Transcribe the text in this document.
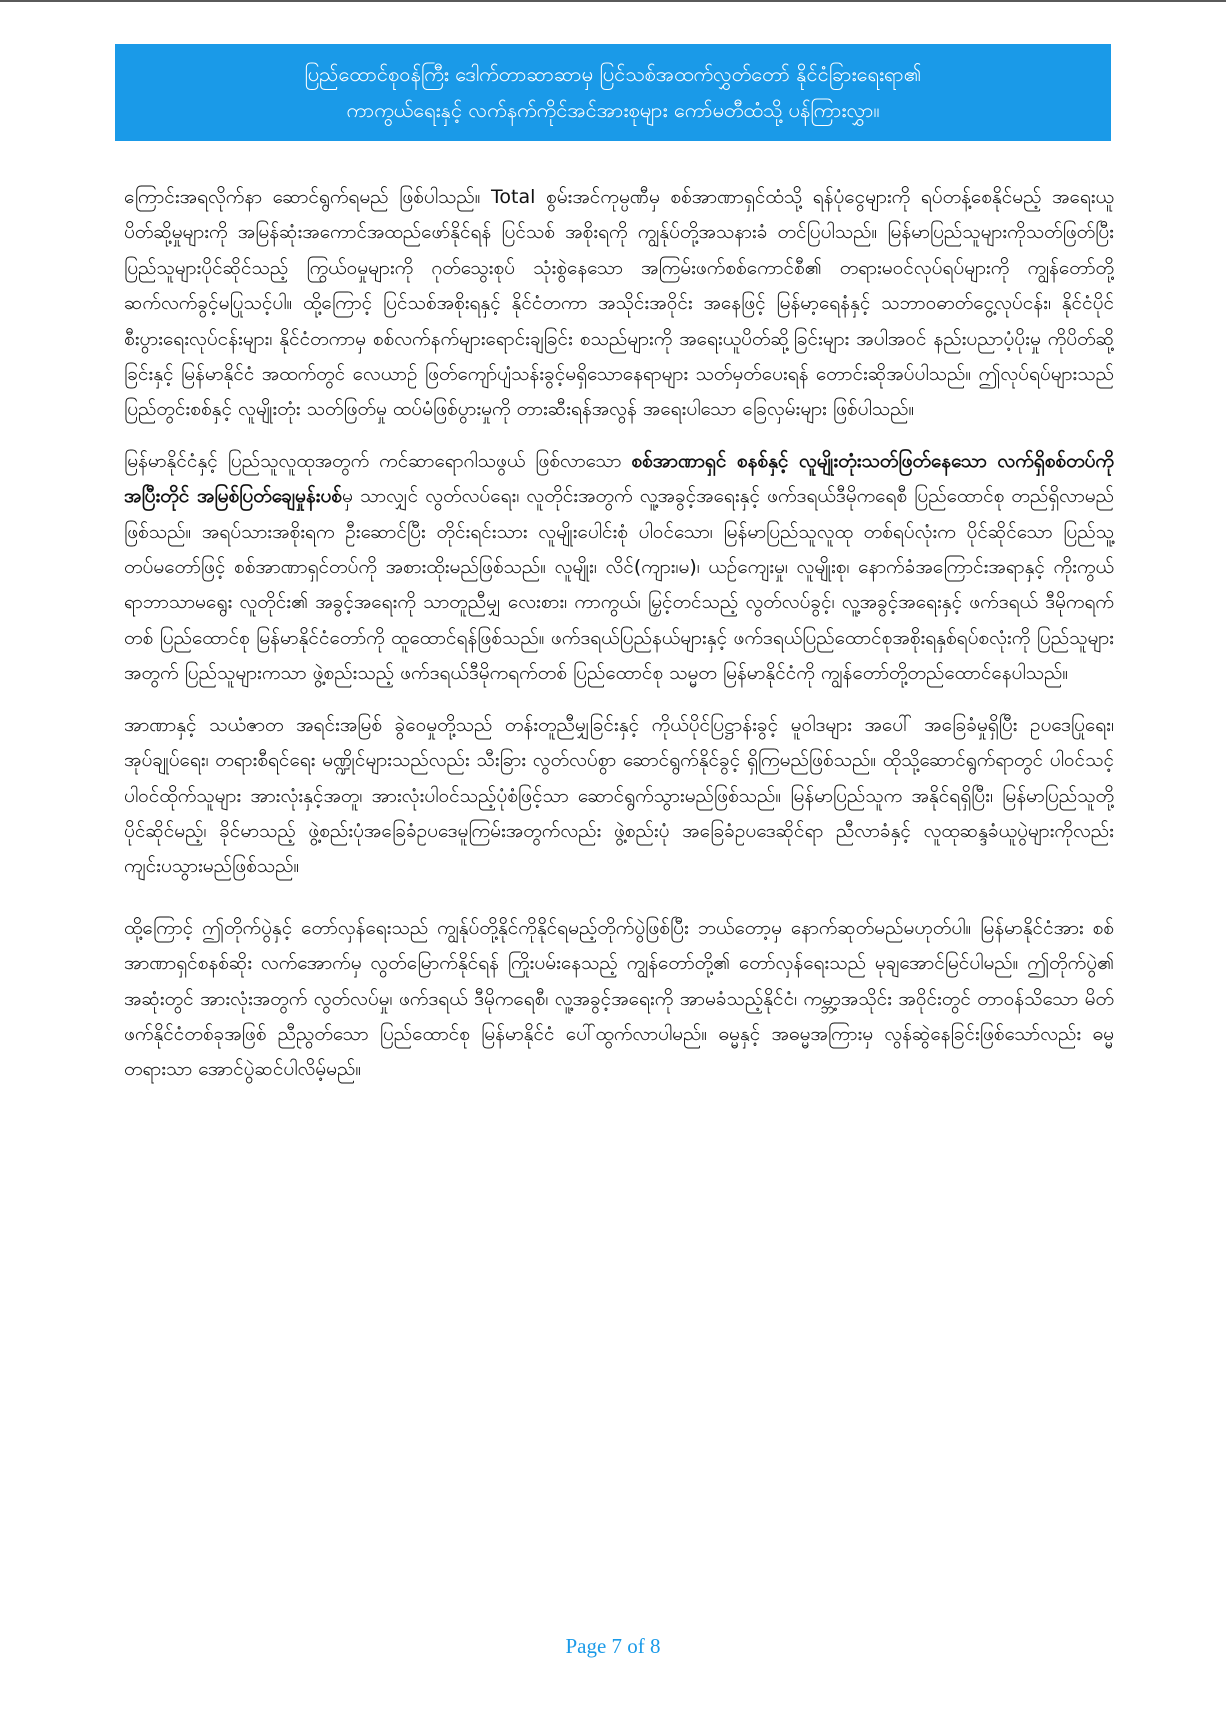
ပြည်ထောင်စုဝန်ကြီး ဒေါက်တာဆာဆာမှ ပြင်သစ်အထက်လွှတ်တော် နိုင်ငံခြားရေးရာ၏
ကာကွယ်ရေးနှင့် လက်နက်ကိုင်အင်အားစုများ ကော်မတီထံသို့ ပန်ကြားလွှာ။

ကြောင်းအရလိုက်နာ ဆောင်ရွက်ရမည် ဖြစ်ပါသည်။ Total စွမ်းအင်ကုမ္ပဏီမှ စစ်အာဏာရှင်ထံသို့ ရန်ပုံငွေများကို ရပ်တန့်စေနိုင်မည့် အရေးယူပိတ်ဆို့မှုများကို အမြန်ဆုံးအကောင်အထည်ဖော်နိုင်ရန် ပြင်သစ် အစိုးရကို ကျွန်ုပ်တို့အသနားခံ တင်ပြပါသည်။ မြန်မာပြည်သူများကိုသတ်ဖြတ်ပြီး ပြည်သူများပိုင်ဆိုင်သည့် ကြွယ်ဝမှုများကို ဂုတ်သွေးစုပ် သုံးစွဲနေသော အကြမ်းဖက်စစ်ကောင်စီ၏ တရားမဝင်လုပ်ရပ်များကို ကျွန်တော်တို့ ဆက်လက်ခွင့်မပြုသင့်ပါ။ ထို့ကြောင့် ပြင်သစ်အစိုးရနှင့် နိုင်ငံတကာ အသိုင်းအဝိုင်း အနေဖြင့် မြန်မာ့ရေနံနှင့် သဘာဝဓာတ်ငွေ့လုပ်ငန်း၊ နိုင်ငံပိုင်စီးပွားရေးလုပ်ငန်းများ၊ နိုင်ငံတကာမှ စစ်လက်နက်များရောင်းချခြင်း စသည်များကို အရေးယူပိတ်ဆို့ခြင်းများ အပါအဝင် နည်းပညာပံ့ပိုးမှု ကိုပိတ်ဆို့ခြင်းနှင့် မြန်မာနိုင်ငံ အထက်တွင် လေယာဉ် ဖြတ်ကျော်ပျံသန်းခွင့်မရှိသောနေရာများ သတ်မှတ်ပေးရန် တောင်းဆိုအပ်ပါသည်။ ဤလုပ်ရပ်များသည် ပြည်တွင်းစစ်နှင့် လူမျိုးတုံး သတ်ဖြတ်မှု ထပ်မံဖြစ်ပွားမှုကို တားဆီးရန်အလွန် အရေးပါသော ခြေလှမ်းများ ဖြစ်ပါသည်။

မြန်မာနိုင်ငံနှင့် ပြည်သူလူထုအတွက် ကင်ဆာရောဂါသဖွယ် ဖြစ်လာသော စစ်အာဏာရှင် စနစ်နှင့် လူမျိုးတုံးသတ်ဖြတ်နေသော လက်ရှိစစ်တပ်ကို အပြီးတိုင် အမြစ်ပြတ်ချေမှုန်းပစ်မှ သာလျှင် လွတ်လပ်ရေး၊ လူတိုင်းအတွက် လူ့အခွင့်အရေးနှင့် ဖက်ဒရယ်ဒီမိုကရေစီ ပြည်ထောင်စု တည်ရှိလာမည် ဖြစ်သည်။ အရပ်သားအစိုးရက ဦးဆောင်ပြီး တိုင်းရင်းသား လူမျိုးပေါင်းစုံ ပါဝင်သော၊ မြန်မာပြည်သူလူထု တစ်ရပ်လုံးက ပိုင်ဆိုင်သော ပြည်သူ့တပ်မတော်ဖြင့် စစ်အာဏာရှင်တပ်ကို အစားထိုးမည်ဖြစ်သည်။ လူမျိုး၊ လိင်(ကျား၊မ)၊ ယဉ်ကျေးမှု၊ လူမျိုးစု၊ နောက်ခံအကြောင်းအရာနှင့် ကိုးကွယ်ရာဘာသာမရွေး လူတိုင်း၏ အခွင့်အရေးကို သာတူညီမျှ လေးစား၊ ကာကွယ်၊ မြှင့်တင်သည့် လွတ်လပ်ခွင့်၊ လူ့အခွင့်အရေးနှင့် ဖက်ဒရယ် ဒီမိုကရက်တစ် ပြည်ထောင်စု မြန်မာနိုင်ငံတော်ကို ထူထောင်ရန်ဖြစ်သည်။ ဖက်ဒရယ်ပြည်နယ်များနှင့် ဖက်ဒရယ်ပြည်ထောင်စုအစိုးရနှစ်ရပ်စလုံးကို ပြည်သူများအတွက် ပြည်သူများကသာ ဖွဲ့စည်းသည့် ဖက်ဒရယ်ဒီမိုကရက်တစ် ပြည်ထောင်စု သမ္မတ မြန်မာနိုင်ငံကို ကျွန်တော်တို့တည်ထောင်နေပါသည်။

အာဏာနှင့် သယံဇာတ အရင်းအမြစ် ခွဲဝေမှုတို့သည် တန်းတူညီမျှခြင်းနှင့် ကိုယ်ပိုင်ပြဋ္ဌာန်းခွင့် မူဝါဒများ အပေါ် အခြေခံမှုရှိပြီး ဥပဒေပြုရေး၊ အုပ်ချုပ်ရေး၊ တရားစီရင်ရေး မဏ္ဍိုင်များသည်လည်း သီးခြား လွတ်လပ်စွာ ဆောင်ရွက်နိုင်ခွင့် ရှိကြမည်ဖြစ်သည်။ ထိုသို့ဆောင်ရွက်ရာတွင် ပါဝင်သင့် ပါဝင်ထိုက်သူများ အားလုံးနှင့်အတူ၊ အားလုံးပါဝင်သည့်ပုံစံဖြင့်သာ ဆောင်ရွက်သွားမည်ဖြစ်သည်။ မြန်မာပြည်သူက အနိုင်ရရှိပြီး၊ မြန်မာပြည်သူတို့ ပိုင်ဆိုင်မည့်၊ ခိုင်မာသည့် ဖွဲ့စည်းပုံအခြေခံဥပဒေမူကြမ်းအတွက်လည်း ဖွဲ့စည်းပုံ အခြေခံဥပဒေဆိုင်ရာ ညီလာခံနှင့် လူထုဆန္ဒခံယူပွဲများကိုလည်း ကျင်းပသွားမည်ဖြစ်သည်။

ထို့ကြောင့် ဤတိုက်ပွဲနှင့် တော်လှန်ရေးသည် ကျွန်ုပ်တို့နိုင်ကိုနိုင်ရမည့်တိုက်ပွဲဖြစ်ပြီး ဘယ်တော့မှ နောက်ဆုတ်မည်မဟုတ်ပါ။ မြန်မာနိုင်ငံအား စစ်အာဏာရှင်စနစ်ဆိုး လက်အောက်မှ လွတ်မြောက်နိုင်ရန် ကြိုးပမ်းနေသည့် ကျွန်တော်တို့၏ တော်လှန်ရေးသည် မုချအောင်မြင်ပါမည်။ ဤတိုက်ပွဲ၏ အဆုံးတွင် အားလုံးအတွက် လွတ်လပ်မှု၊ ဖက်ဒရယ် ဒီမိုကရေစီ၊ လူ့အခွင့်အရေးကို အာမခံသည့်နိုင်ငံ၊ ကမ္ဘာ့အသိုင်း အဝိုင်းတွင် တာဝန်သိသော မိတ်ဖက်နိုင်ငံတစ်ခုအဖြစ် ညီညွတ်သော ပြည်ထောင်စု မြန်မာနိုင်ငံ ပေါ်ထွက်လာပါမည်။ ဓမ္မနှင့် အဓမ္မအကြားမှ လွန်ဆွဲနေခြင်းဖြစ်သော်လည်း ဓမ္မတရားသာ အောင်ပွဲဆင်ပါလိမ့်မည်။

Page 7 of 8
